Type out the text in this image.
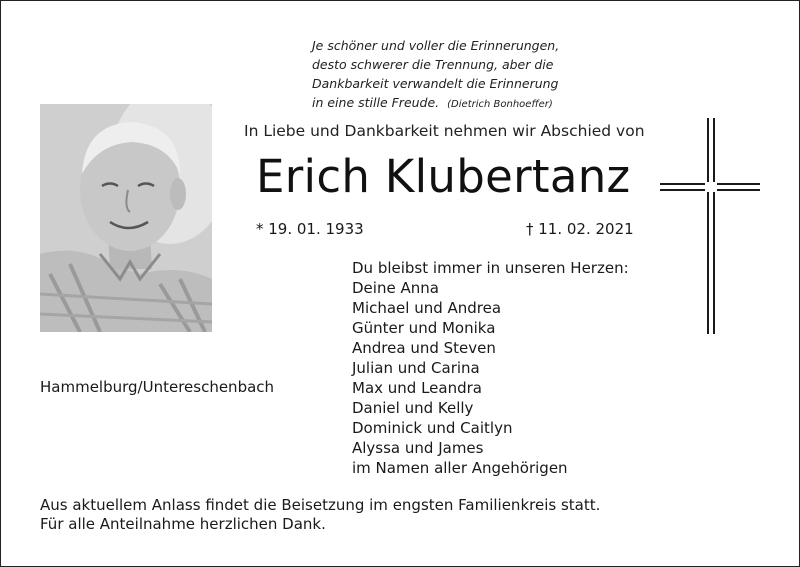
Je schöner und voller die Erinnerungen,
desto schwerer die Trennung, aber die
Dankbarkeit verwandelt die Erinnerung
in eine stille Freude. (Dietrich Bonhoeffer)
In Liebe und Dankbarkeit nehmen wir Abschied von
Erich Klubertanz
* 19. 01. 1933	† 11. 02. 2021
Du bleibst immer in unseren Herzen:
Deine Anna
Michael und Andrea
Günter und Monika
Andrea und Steven
Julian und Carina
Max und Leandra
Daniel und Kelly
Dominick und Caitlyn
Alyssa und James
im Namen aller Angehörigen
Hammelburg/Untereschenbach
Aus aktuellem Anlass findet die Beisetzung im engsten Familienkreis statt.
Für alle Anteilnahme herzlichen Dank.
